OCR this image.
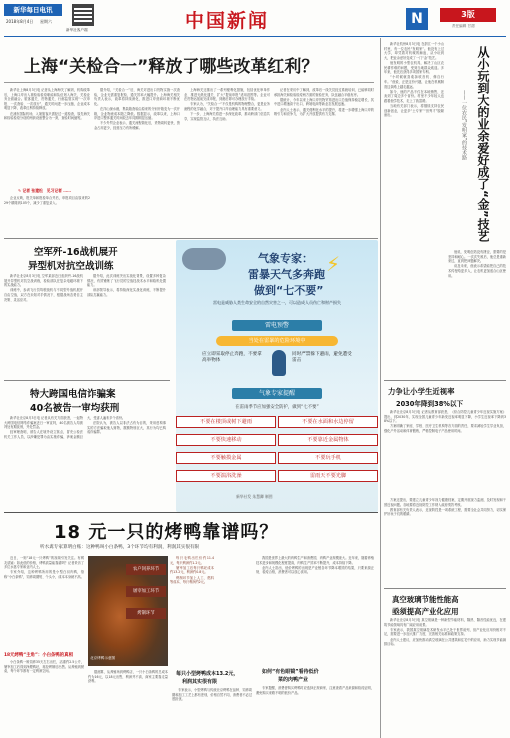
新华每日电讯
2018年8月4日 星期六
新华社客户端	中国新闻	N	3版
责任编辑 甘甜
上海“关检合一”释放了哪些改革红利？

新华社上海8月3日电 记者从上海海关了解到，机构改革后，上海口岸出入境检验检疫职能和队伍划入海关，关检业务全面融合。旅客通关、货物通关、行邮监管实现“一次申报、一次查验、一次放行”，通关时间进一步压缩，企业成本明显下降，改革红利持续释放。

在浦东国际机场，入境旅客只需经过一道检查，原先海关和检验检疫分设的两套设备整合为一套，查验时间缩短。

✎ 记者 张建松 见习记者 ……

企业反映，报关单和报检单合并后，申报项目由原来的229个精简到105个，减少了重复录入。

据介绍，“关检合一”后，海关对进出口货物实施一次查验，企业无需重复报检，通关效率大幅提升。上海海关相关负责人表示，改革将持续深化，推进口岸营商环境不断优化。

在洋山深水港，集装箱查验由原来的分别开箱变为一次开箱，企业物流成本随之降低。数据显示，改革以来，上海口岸进口整体通关时间较去年同期明显压缩。

不少外贸企业表示，通关流程简化后，货物周转更快，资金占用更少，经营压力有所缓解。

上海海关还推出了一系列便利化措施，包括优化审单作业、推进无纸化通关、扩大“提前申报”适用范围等。企业可在货物运抵前完成申报，到港后即可办理放行手续。

专家认为，“关检合一”不仅是机构的物理整合，更是业务流程的化学融合，对于提升口岸治理能力具有重要意义。

下一步，上海海关将进一步深化改革，推动跨部门信息共享，实现监管互认、执法互助。

记者在采访中了解到，改革后一线关员经过系统培训，已能够同时承担海关和检验检疫两方面的查验任务，队伍融合平稳有序。

据统计，今年以来上海口岸货物贸易进出口总值保持稳定增长，其中进口增速高于出口，跨境电商等新业态发展迅速。

业内人士表示，通关便利化水平的提升，将进一步增强上海口岸的吸引力和竞争力，为扩大开放提供有力支撑。

空军歼-16战机展开
异型机对抗空战训练

新华社北京8月3日电 空军某部近日组织歼-16战机展开异型机对抗空战训练，检验部队在复杂电磁环境下的实战能力。

训练中，参训飞行员驾驶战机与不同型号战机展开自由空战，双方在未知对手情况下，根据战场态势自主决策、灵活应对。

据介绍，此次训练突出实战化背景，设置多种复杂情况，有效锤炼了飞行员的空战技战术水平和临机处置能力。

该部领导表示，将持续深化实战化训练，不断提升部队打赢能力。

特大跨国电信诈骗案
40名被告一审均获刑

新华社北京8月3日电 记者从有关方面获悉，一起特大跨国电信网络诈骗案近日一审宣判，40名被告人均被判处有期徒刑，并处罚金。

经审理查明，被告人在境外设立窝点，冒充公检法机关工作人员，以涉嫌犯罪为由实施诈骗，涉案金额巨大，受害人遍布多个省份。

法院认为，被告人以非法占有为目的，采用虚构事实的方法骗取他人财物，数额特别巨大，其行为均已构成诈骗罪。

气象专家：
雷暴天气多奔跑
做到“七不要”
⚡
雷电是威胁人类生命安全的自然灾害之一，可以造成人员伤亡和财产损失
雷电预警
当处在雷暴的危险环境中
应立即采取停止奔跑，不要拿高举物体
同时严禁躲下避雨，避免遭受雷击
气象专家提醒
在雷雨季节应加强安全防护，做到“七不要”
不要在楼顶或树下避雨	不要在水面和水边停留
不要快速移动	不要靠近金属物体
不要触摸金属	不要玩手机
不要湍浴洗澡	雷雨天不要光脚
新华社发 朱慧卿 制图
18 元一只的烤鸭靠谱吗？
听水禽专家算明白账：这种鸭叫小白条鸭，3个环节均有利润，利润其实很有限

近日，一则“18元一只烤鸭”的视频引发关注。有网友质疑：如此低的价格，烤鸭质量能靠谱吗？记者采访了多位水禽专家和业内人士。

专家介绍，这种烤鸭所用的是小型白羽肉鸭，俗称“小白条鸭”，饲养周期短、个头小，成本本身就不高。

18元烤鸭“主角”：小白条鸭的真相

小白条鸭一般饲养35天左右出栏，活重约2.5公斤，屠宰加工后得到净膛鸭坯，再经烤制后出售。从养殖到餐桌，每个环节都有一定利润空间。

农户饲养环节
屠宰加工环节
烤制环节
北京烤鸭示意图

每只毛鸭出栏价约11.4元，每只利润约1.2元。

屠宰加工后每只鸭坯成本约13.2元，利润约0.8元。

烤制环节加上人工、燃料等成本，每只利润约2元。

据测算，从养殖场到烤鸭店，一只小白条鸭的总成本约为16元，以18元出售，利润并不高，商家主要靠走量获利。

每只小型烤鸭成本13.2元，
利润其实很有限

专家表示，小型烤鸭与传统北京烤鸭在品种、饲养周期和加工工艺上都有差别，价格自然不同，消费者不必过度担忧。

我国是世界上最大的肉鸭生产和消费国，肉鸭产业规模庞大。近年来，随着养殖技术进步和规模化程度提高，肉鸭生产效率不断提升，成本持续下降。

业内人士指出，低价烤鸭的出现是产业链各环节降本增效的结果，只要来源正规、检疫合格，消费者可以放心食用。

如何“有色眼镜”看待低价
菜的肉鸭产业

专家提醒，消费者购买烤鸭时应选择正规商家，注意查看产品来源和检疫证明，避免购买来路不明的低价产品。

新华社杭州8月3日电 在浙江一个小山村里，有一位农民“发明家”。他没有上过大学，却凭着对机械的痴迷，从小玩到大，把业余爱好变成了一门“金”技艺。

他发明的小型农机具，解决了山区农民耕作难的问题，受到当地群众欢迎。多年来，他先后获得多项国家专利。

“小时候就喜欢拆收音机、修自行车。”他说，正是这份兴趣，让他在机械制造这条路上越走越远。

如今，他的产品不仅在本地销售，还卖到了周边多个省份。村里不少年轻人也跟着他学技术，走上了致富路。

当地有关部门表示，将继续支持农民创新创业，让更多“土专家”“田秀才”脱颖而出。	从小玩到大的业余爱好成了“金”技艺
——一位农民“发明家”的技术路

他说，发明创造没有捷径，需要的是坚持和耐心。一次次失败后，他总是重新来过，直到把问题解决。

谈及未来，他表示希望能把自己的技术传授给更多人，让农机更加适合山区使用。

力争让小学生近视率
2030年降到38%以下

新华社北京8月3日电 记者从教育部获悉，《综合防控儿童青少年近视实施方案》提出，到2030年，实现全国儿童青少年新发近视率明显下降，小学生近视率下降到38%以下。

方案明确了家庭、学校、医疗卫生机构等各方面的责任，要求减轻学生学业负担，强化户外活动和体育锻炼，严格控制电子产品使用时间。

真空玻璃节能性能高
亟须提高产业化应用

新华社北京8月3日电 真空玻璃是一种新型节能材料，隔热、隔音性能优良，在建筑节能领域具有广阔应用前景。

专家表示，我国真空玻璃技术研发水平已处于世界前列，但产业化应用仍相对不足，需要进一步加大推广力度，完善相关标准和政策支持。

业内人士建议，应加快推动真空玻璃在公共建筑和住宅中的应用，助力实现节能减排目标。

方案还提出，要建立儿童青少年视力健康档案，定期开展视力监测，及时发现和干预近视问题。各地要将近视防控工作纳入政府绩效考核。

教育部有关负责人表示，近视防控是一项系统工程，需要全社会共同努力，切实保护好孩子们的眼睛。
